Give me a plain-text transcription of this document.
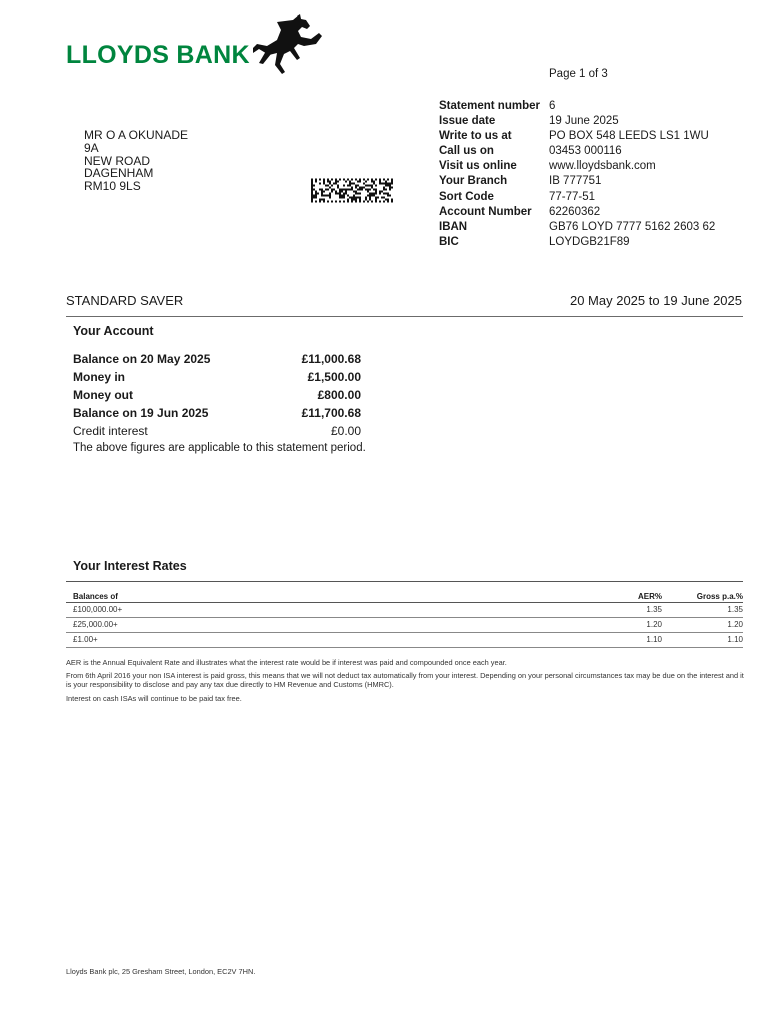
LLOYDS BANK
Page 1 of 3
MR O A OKUNADE
9A
NEW ROAD
DAGENHAM
RM10 9LS
Statement number 6
Issue date	19 June 2025
Write to us at	PO BOX 548 LEEDS LS1 1WU
Call us on	03453 000116
Visit us online	www.lloydsbank.com
Your Branch	IB 777751
Sort Code	77-77-51
Account Number 62260362
IBAN	GB76 LOYD 7777 5162 2603 62
BIC	LOYDGB21F89
STANDARD SAVER	20 May 2025 to 19 June 2025
Your Account
Balance on 20 May 2025	£11,000.68
Money in	£1,500.00
Money out	£800.00
Balance on 19 Jun 2025	£11,700.68
Credit interest	£0.00
The above figures are applicable to this statement period.
Your Interest Rates
Balances of	AER%	Gross p.a.%
£100,000.00+	1.35	1.35
£25,000.00+	1.20	1.20
£1.00+	1.10	1.10
AER is the Annual Equivalent Rate and illustrates what the interest rate would be if interest was paid and compounded once each year.
From 6th April 2016 your non ISA interest is paid gross, this means that we will not deduct tax automatically from your interest. Depending on your personal circumstances tax may be due on the interest and it is your responsibility to disclose and pay any tax due directly to HM Revenue and Customs (HMRC).
Interest on cash ISAs will continue to be paid tax free.
Lloyds Bank plc, 25 Gresham Street, London, EC2V 7HN.
